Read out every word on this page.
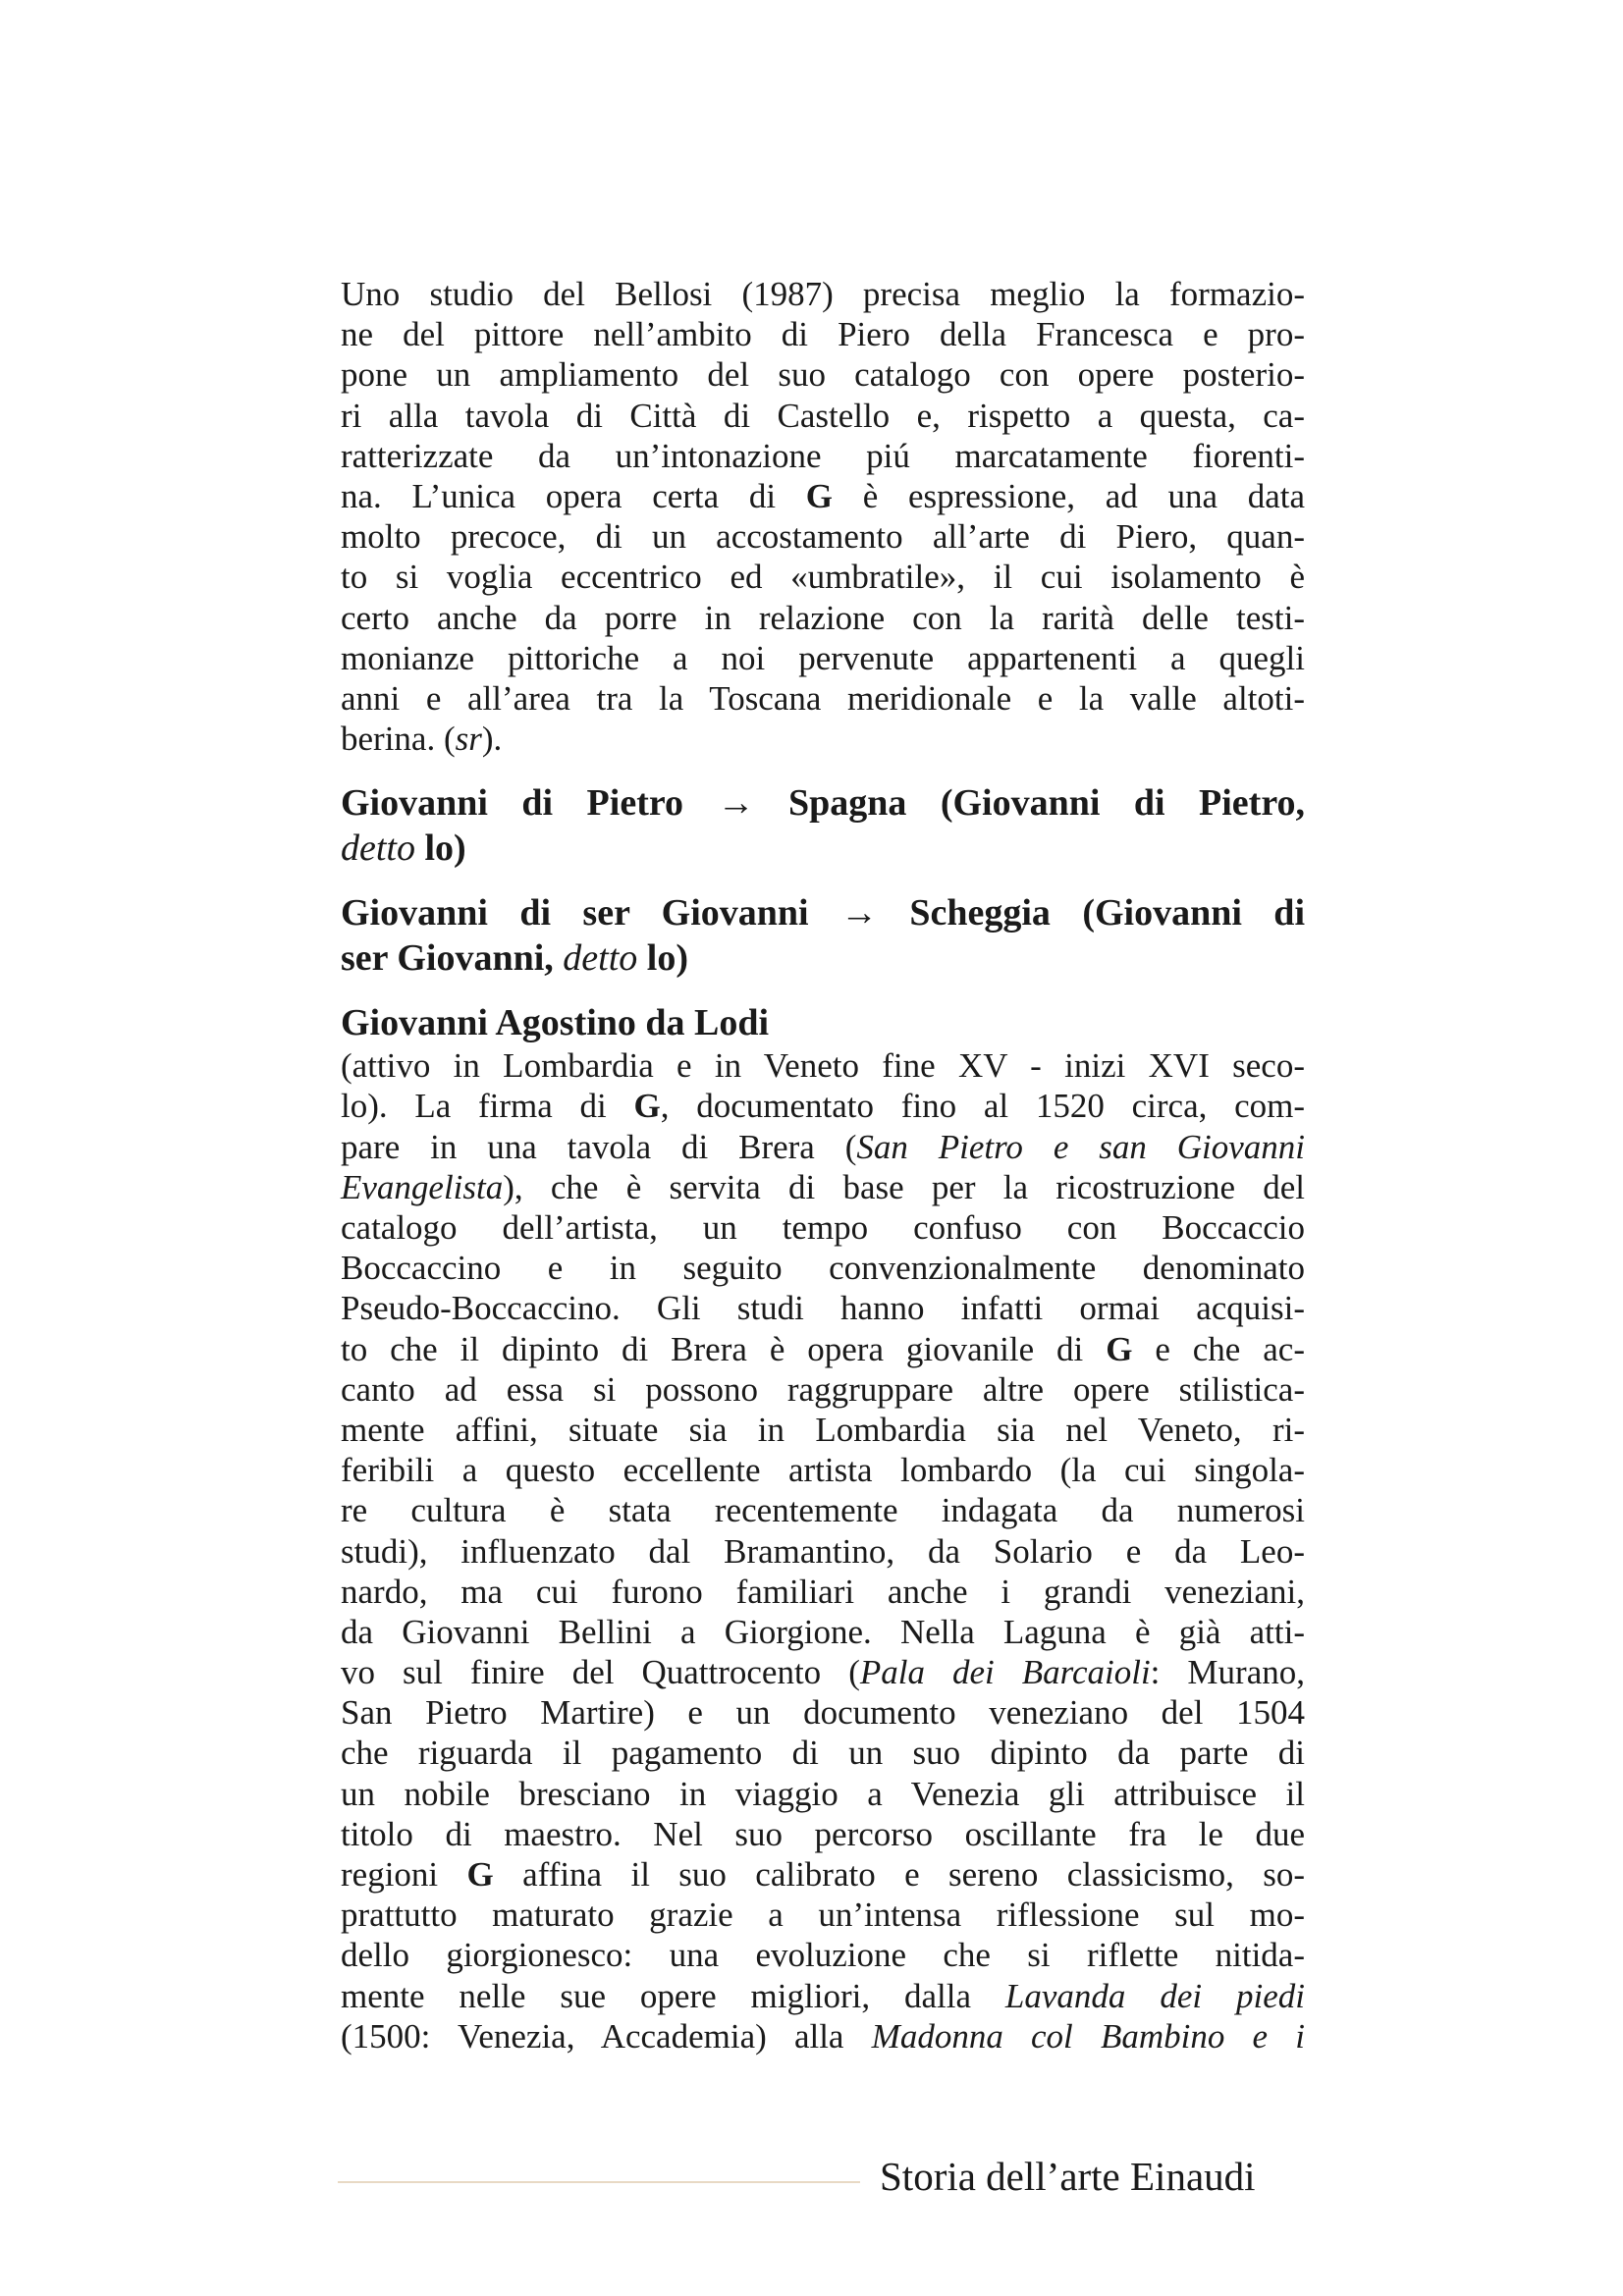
Uno studio del Bellosi (1987) precisa meglio la formazio-
ne del pittore nell’ambito di Piero della Francesca e pro-
pone un ampliamento del suo catalogo con opere posterio-
ri alla tavola di Città di Castello e, rispetto a questa, ca-
ratterizzate da un’intonazione piú marcatamente fiorenti-
na. L’unica opera certa di G è espressione, ad una data
molto precoce, di un accostamento all’arte di Piero, quan-
to si voglia eccentrico ed «umbratile», il cui isolamento è
certo anche da porre in relazione con la rarità delle testi-
monianze pittoriche a noi pervenute appartenenti a quegli
anni e all’area tra la Toscana meridionale e la valle altoti-
berina. (sr).
Giovanni di Pietro → Spagna (Giovanni di Pietro,
detto lo)
Giovanni di ser Giovanni → Scheggia (Giovanni di
ser Giovanni, detto lo)
Giovanni Agostino da Lodi
(attivo in Lombardia e in Veneto fine XV - inizi XVI seco-
lo). La firma di G, documentato fino al 1520 circa, com-
pare in una tavola di Brera (San Pietro e san Giovanni
Evangelista), che è servita di base per la ricostruzione del
catalogo dell’artista, un tempo confuso con Boccaccio
Boccaccino e in seguito convenzionalmente denominato
Pseudo-Boccaccino. Gli studi hanno infatti ormai acquisi-
to che il dipinto di Brera è opera giovanile di G e che ac-
canto ad essa si possono raggruppare altre opere stilistica-
mente affini, situate sia in Lombardia sia nel Veneto, ri-
feribili a questo eccellente artista lombardo (la cui singola-
re cultura è stata recentemente indagata da numerosi
studi), influenzato dal Bramantino, da Solario e da Leo-
nardo, ma cui furono familiari anche i grandi veneziani,
da Giovanni Bellini a Giorgione. Nella Laguna è già atti-
vo sul finire del Quattrocento (Pala dei Barcaioli: Murano,
San Pietro Martire) e un documento veneziano del 1504
che riguarda il pagamento di un suo dipinto da parte di
un nobile bresciano in viaggio a Venezia gli attribuisce il
titolo di maestro. Nel suo percorso oscillante fra le due
regioni G affina il suo calibrato e sereno classicismo, so-
prattutto maturato grazie a un’intensa riflessione sul mo-
dello giorgionesco: una evoluzione che si riflette nitida-
mente nelle sue opere migliori, dalla Lavanda dei piedi
(1500: Venezia, Accademia) alla Madonna col Bambino e i
Storia dell’arte Einaudi
